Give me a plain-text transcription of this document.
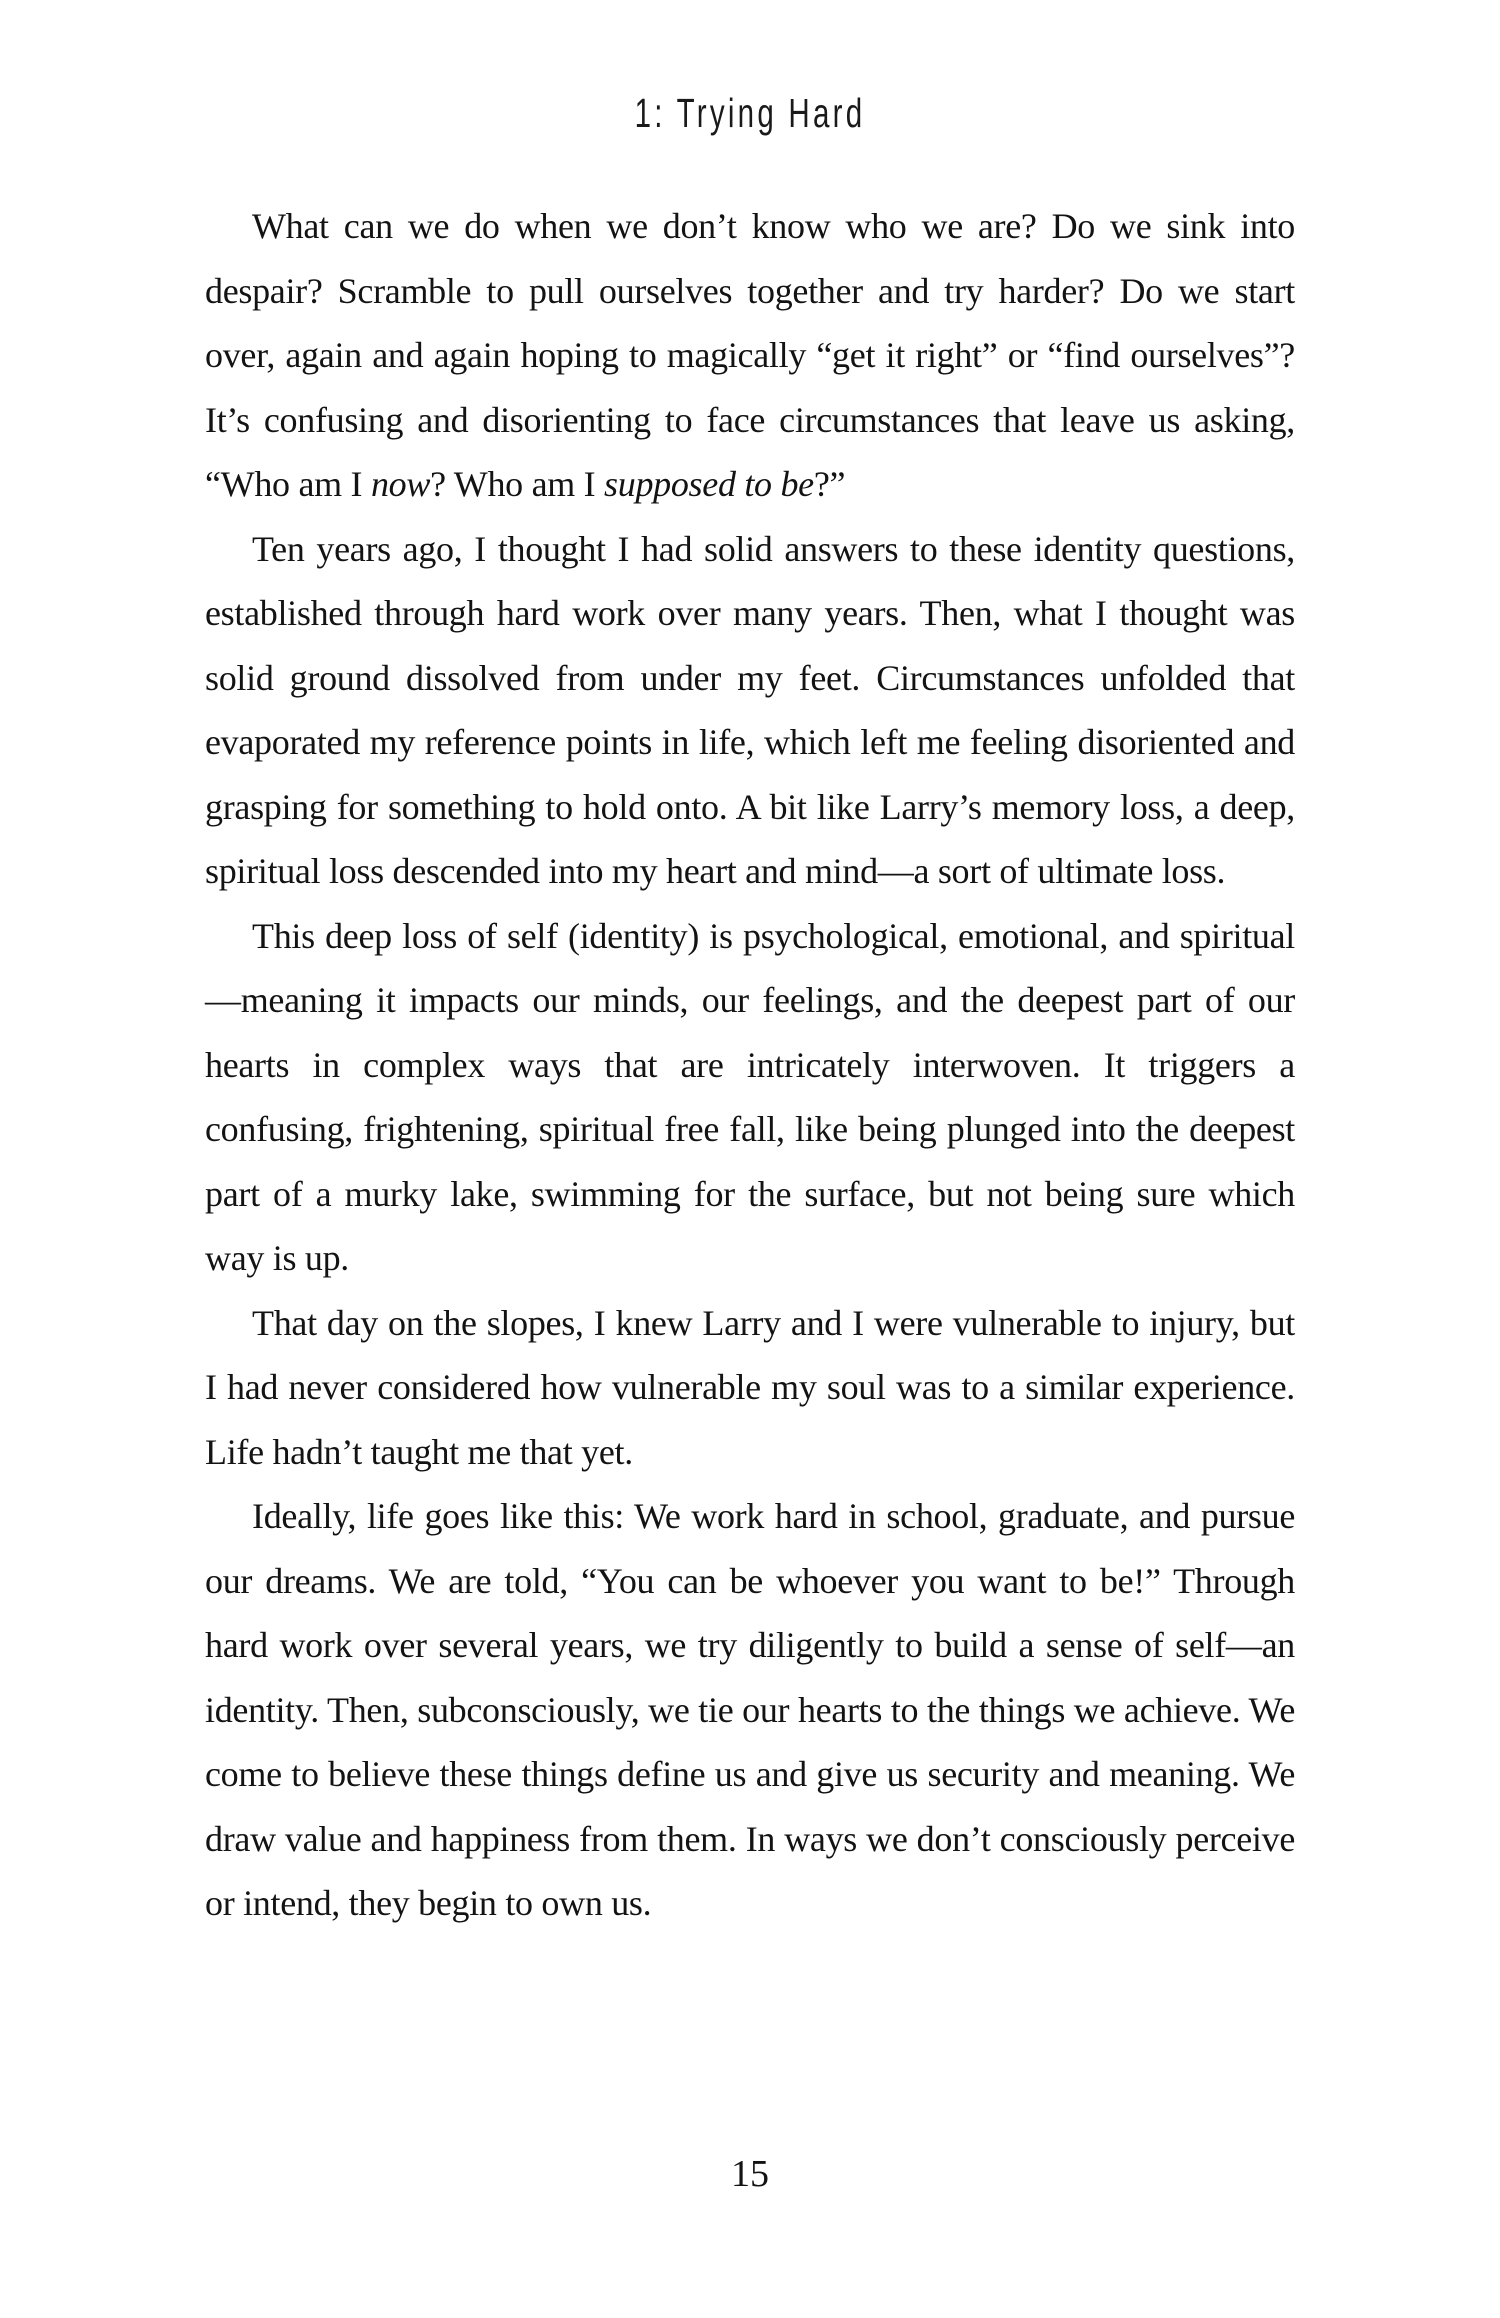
1: Trying Hard

What can we do when we don’t know who we are? Do we sink into despair? Scramble to pull ourselves together and try harder? Do we start over, again and again hoping to magically “get it right” or “find ourselves”? It’s confusing and disorienting to face circumstances that leave us asking, “Who am I now? Who am I supposed to be?”

Ten years ago, I thought I had solid answers to these identity questions, established through hard work over many years. Then, what I thought was solid ground dissolved from under my feet. Circumstances unfolded that evaporated my reference points in life, which left me feeling disoriented and grasping for something to hold onto. A bit like Larry’s memory loss, a deep, spiritual loss descended into my heart and mind—a sort of ultimate loss.

This deep loss of self (identity) is psychological, emotional, and spiritual—meaning it impacts our minds, our feelings, and the deepest part of our hearts in complex ways that are intricately interwoven. It triggers a confusing, frightening, spiritual free fall, like being plunged into the deepest part of a murky lake, swimming for the surface, but not being sure which way is up.

That day on the slopes, I knew Larry and I were vulnerable to injury, but I had never considered how vulnerable my soul was to a similar experience. Life hadn’t taught me that yet.

Ideally, life goes like this: We work hard in school, graduate, and pursue our dreams. We are told, “You can be whoever you want to be!” Through hard work over several years, we try diligently to build a sense of self—an identity. Then, subconsciously, we tie our hearts to the things we achieve. We come to believe these things define us and give us security and meaning. We draw value and happiness from them. In ways we don’t consciously perceive or intend, they begin to own us.

15
